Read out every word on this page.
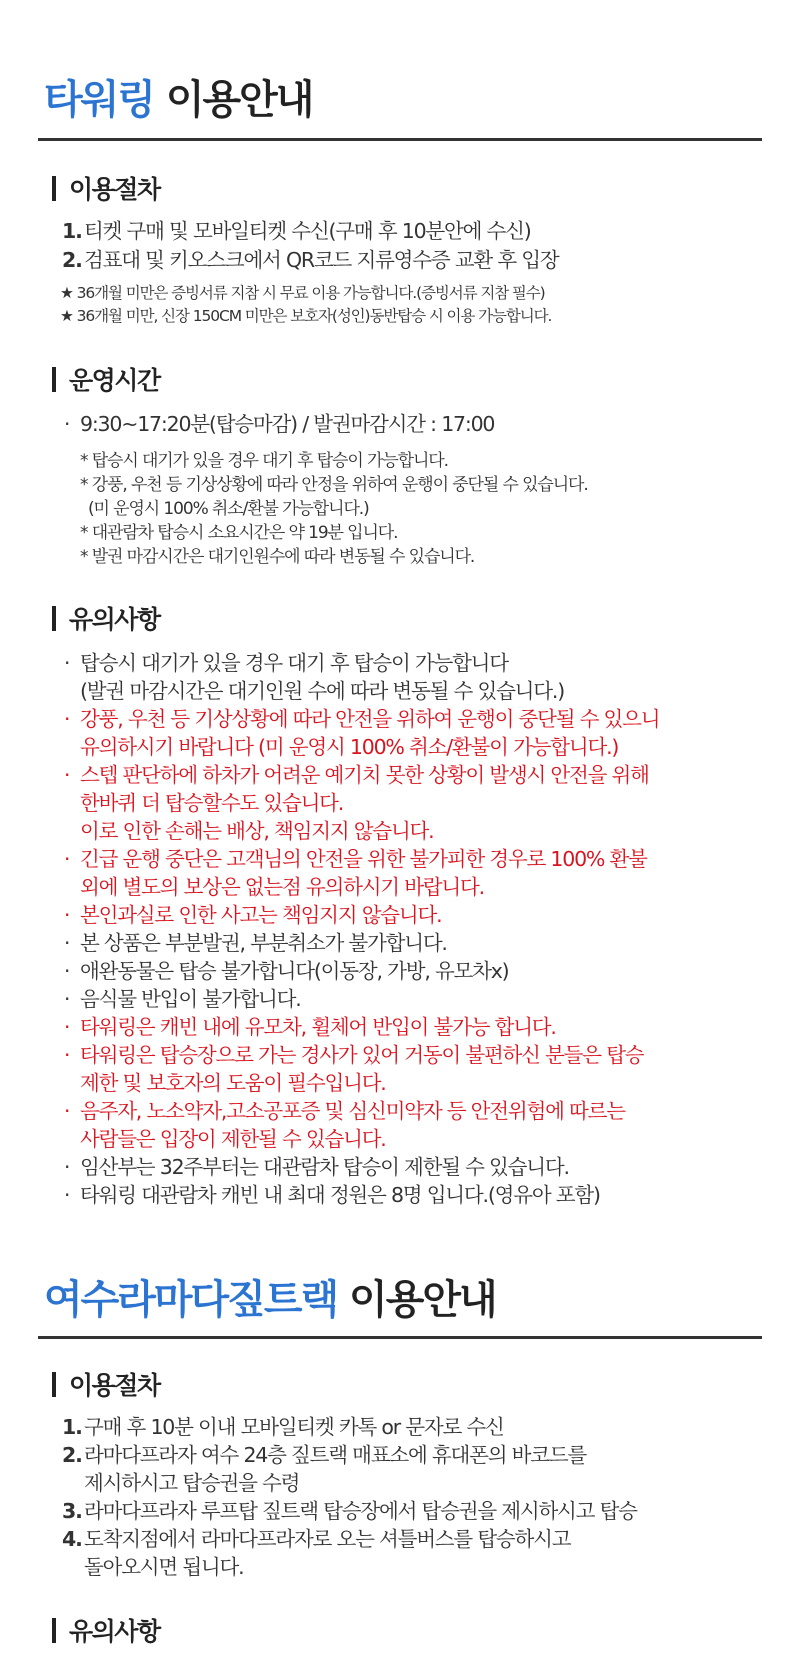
타워링 이용안내
이용절차
1. 티켓 구매 및 모바일티켓 수신(구매 후 10분안에 수신)
2. 검표대 및 키오스크에서 QR코드 지류영수증 교환 후 입장
★ 36개월 미만은 증빙서류 지참 시 무료 이용 가능합니다.(증빙서류 지참 필수)
★ 36개월 미만, 신장 150CM 미만은 보호자(성인)동반탑승 시 이용 가능합니다.
운영시간
· 9:30~17:20분(탑승마감) / 발권마감시간 : 17:00
* 탑승시 대기가 있을 경우 대기 후 탑승이 가능합니다.
* 강풍, 우천 등 기상상황에 따라 안정을 위하여 운행이 중단될 수 있습니다.
(미 운영시 100% 취소/환불 가능합니다.)
* 대관람차 탑승시 소요시간은 약 19분 입니다.
* 발권 마감시간은 대기인원수에 따라 변동될 수 있습니다.
유의사항
· 탑승시 대기가 있을 경우 대기 후 탑승이 가능합니다
(발권 마감시간은 대기인원 수에 따라 변동될 수 있습니다.)
· 강풍, 우천 등 기상상황에 따라 안전을 위하여 운행이 중단될 수 있으니
유의하시기 바랍니다 (미 운영시 100% 취소/환불이 가능합니다.)
· 스텝 판단하에 하차가 어려운 예기치 못한 상황이 발생시 안전을 위해
한바퀴 더 탑승할수도 있습니다.
이로 인한 손해는 배상, 책임지지 않습니다.
· 긴급 운행 중단은 고객님의 안전을 위한 불가피한 경우로 100% 환불
외에 별도의 보상은 없는점 유의하시기 바랍니다.
· 본인과실로 인한 사고는 책임지지 않습니다.
· 본 상품은 부분발권, 부분취소가 불가합니다.
· 애완동물은 탑승 불가합니다(이동장, 가방, 유모차x)
· 음식물 반입이 불가합니다.
· 타워링은 캐빈 내에 유모차, 휠체어 반입이 불가능 합니다.
· 타워링은 탑승장으로 가는 경사가 있어 거동이 불편하신 분들은 탑승
제한 및 보호자의 도움이 필수입니다.
· 음주자, 노소약자,고소공포증 및 심신미약자 등 안전위험에 따르는
사람들은 입장이 제한될 수 있습니다.
· 임산부는 32주부터는 대관람차 탑승이 제한될 수 있습니다.
· 타워링 대관람차 캐빈 내 최대 정원은 8명 입니다.(영유아 포함)
여수라마다짚트랙 이용안내
이용절차
1. 구매 후 10분 이내 모바일티켓 카톡 or 문자로 수신
2. 라마다프라자 여수 24층 짚트랙 매표소에 휴대폰의 바코드를
제시하시고 탑승권을 수령
3. 라마다프라자 루프탑 짚트랙 탑승장에서 탑승권을 제시하시고 탑승
4. 도착지점에서 라마다프라자로 오는 셔틀버스를 탑승하시고
돌아오시면 됩니다.
유의사항
